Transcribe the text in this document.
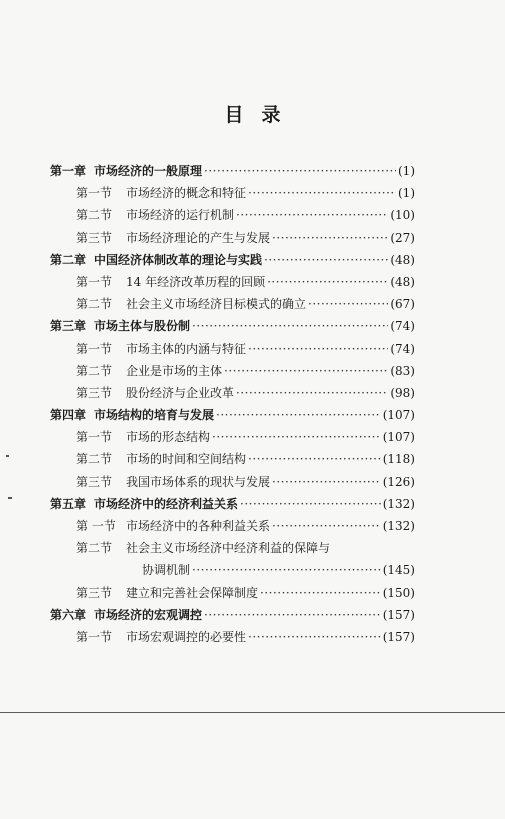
目 录
第一章 市场经济的一般原理 ·····	(1)
第一节 市场经济的概念和特征 ·····	(1)
第二节 市场经济的运行机制 ·····	(10)
第三节 市场经济理论的产生与发展 ·····	(27)
第二章 中国经济体制改革的理论与实践 ·····	(48)
第一节 14 年经济改革历程的回顾 ·····	(48)
第二节 社会主义市场经济目标模式的确立 ·····	(67)
第三章 市场主体与股份制 ·····	(74)
第一节 市场主体的内涵与特征 ·····	(74)
第二节 企业是市场的主体 ·····	(83)
第三节 股份经济与企业改革 ·····	(98)
第四章 市场结构的培育与发展 ·····	(107)
第一节 市场的形态结构 ·····	(107)
第二节 市场的时间和空间结构 ·····	(118)
第三节 我国市场体系的现状与发展 ·····	(126)
第五章 市场经济中的经济利益关系 ·····	(132)
第 一节 市场经济中的各种利益关系 ·····	(132)
第二节 社会主义市场经济中经济利益的保障与
协调机制 ·····	(145)
第三节 建立和完善社会保障制度 ·····	(150)
第六章 市场经济的宏观调控 ·····	(157)
第一节 市场宏观调控的必要性 ·····	(157)
